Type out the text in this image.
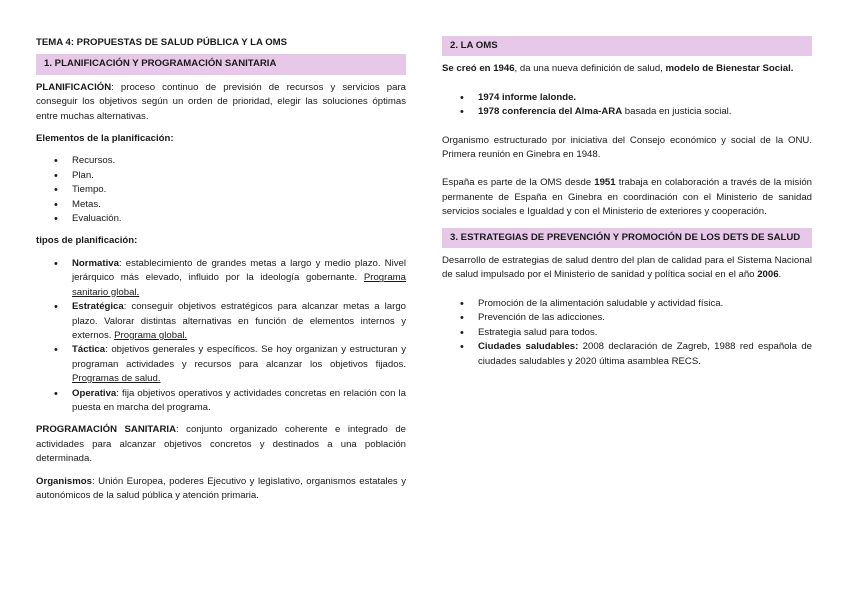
TEMA 4: PROPUESTAS DE SALUD PÚBLICA Y LA OMS
1. PLANIFICACIÓN Y PROGRAMACIÓN SANITARIA

PLANIFICACIÓN: proceso continuo de previsión de recursos y servicios para conseguir los objetivos según un orden de prioridad, elegir las soluciones óptimas entre muchas alternativas.

Elementos de la planificación:

• Recursos.
• Plan.
• Tiempo.
• Metas.
• Evaluación.

tipos de planificación:

• Normativa: establecimiento de grandes metas a largo y medio plazo. Nivel jerárquico más elevado, influido por la ideología gobernante. Programa sanitario global.
• Estratégica: conseguir objetivos estratégicos para alcanzar metas a largo plazo. Valorar distintas alternativas en función de elementos internos y externos. Programa global.
• Táctica: objetivos generales y específicos. Se hoy organizan y estructuran y programan actividades y recursos para alcanzar los objetivos fijados. Programas de salud.
• Operativa: fija objetivos operativos y actividades concretas en relación con la puesta en marcha del programa.

PROGRAMACIÓN SANITARIA: conjunto organizado coherente e integrado de actividades para alcanzar objetivos concretos y destinados a una población determinada.

Organismos: Unión Europea, poderes Ejecutivo y legislativo, organismos estatales y autonómicos de la salud pública y atención primaria.

2. LA OMS

Se creó en 1946, da una nueva definición de salud, modelo de Bienestar Social.

• 1974 informe lalonde.
• 1978 conferencia del Alma-ARA basada en justicia social.

Organismo estructurado por iniciativa del Consejo económico y social de la ONU. Primera reunión en Ginebra en 1948.

España es parte de la OMS desde 1951 trabaja en colaboración a través de la misión permanente de España en Ginebra en coordinación con el Ministerio de sanidad servicios sociales e Igualdad y con el Ministerio de exteriores y cooperación.

3. ESTRATEGIAS DE PREVENCIÓN Y PROMOCIÓN DE LOS DETS DE SALUD

Desarrollo de estrategias de salud dentro del plan de calidad para el Sistema Nacional de salud impulsado por el Ministerio de sanidad y política social en el año 2006.

• Promoción de la alimentación saludable y actividad física.
• Prevención de las adicciones.
• Estrategia salud para todos.
• Ciudades saludables: 2008 declaración de Zagreb, 1988 red española de ciudades saludables y 2020 última asamblea RECS.
